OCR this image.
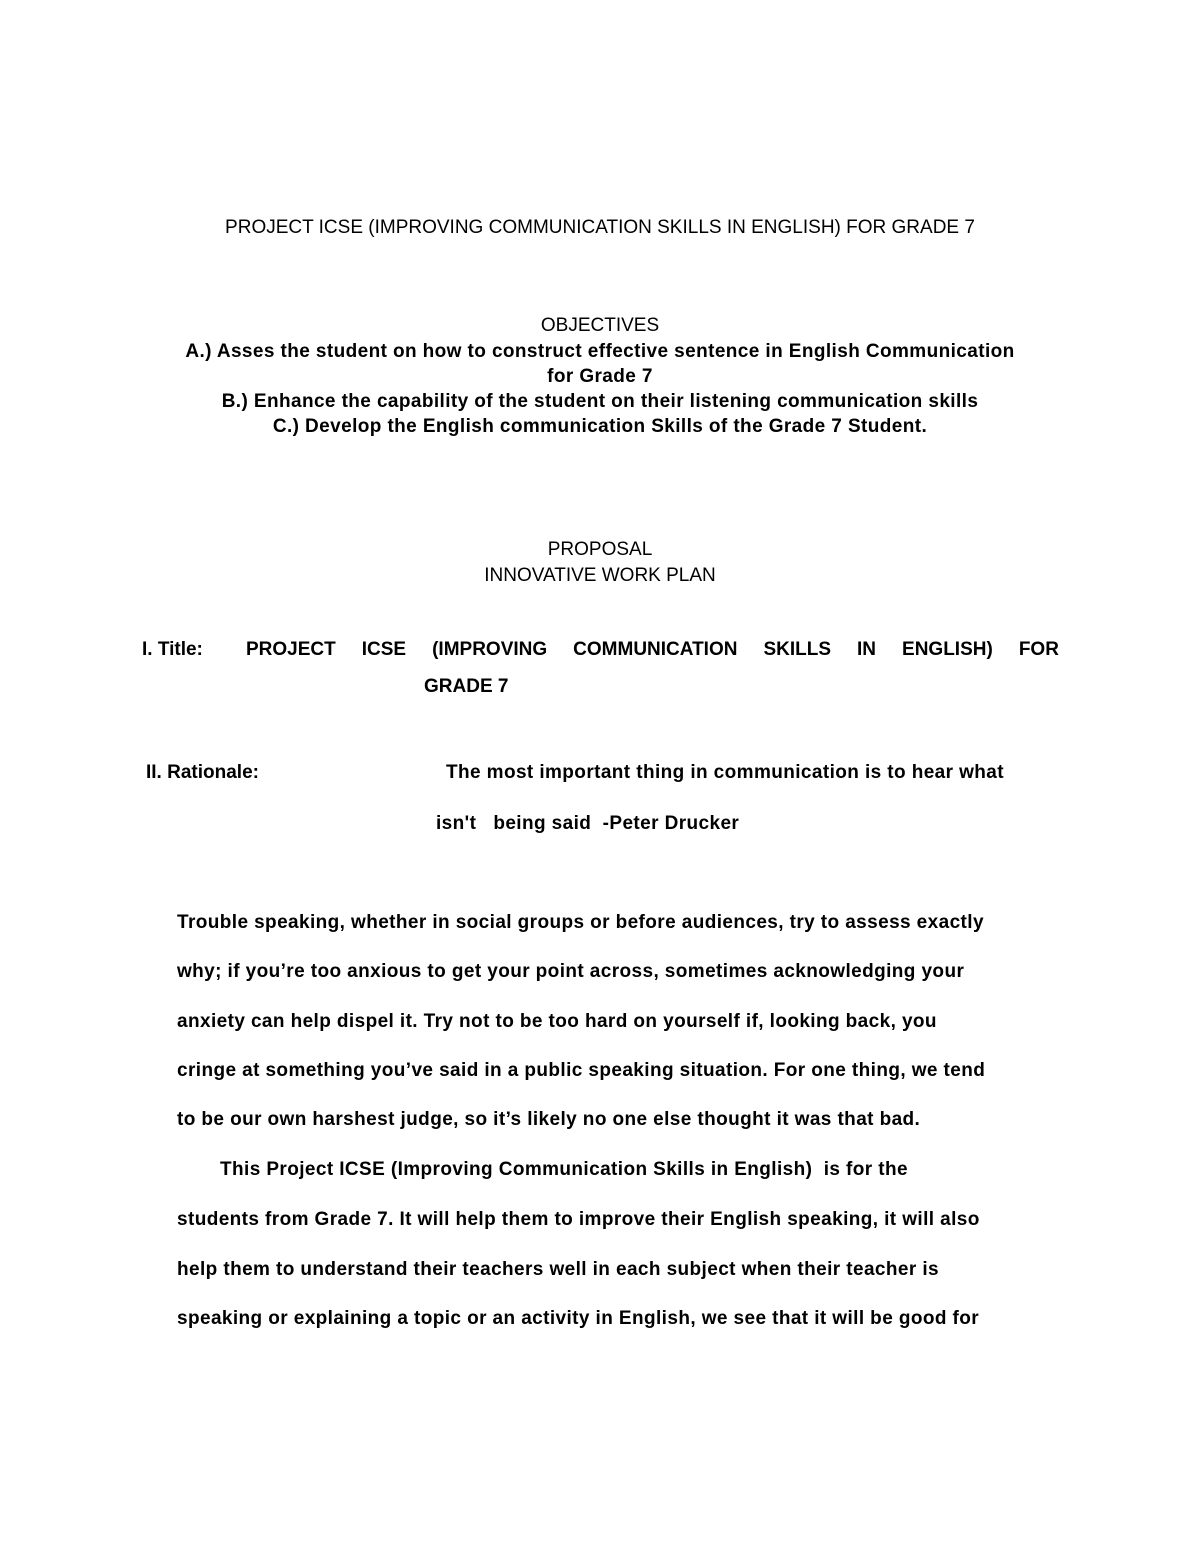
PROJECT ICSE (IMPROVING COMMUNICATION SKILLS IN ENGLISH) FOR GRADE 7
OBJECTIVES
A.) Asses the student on how to construct effective sentence in English Communication
for Grade 7
B.) Enhance the capability of the student on their listening communication skills
C.) Develop the English communication Skills of the Grade 7 Student.
PROPOSAL
INNOVATIVE WORK PLAN
I. Title: PROJECT ICSE (IMPROVING COMMUNICATION SKILLS IN ENGLISH) FOR
GRADE 7
II. Rationale:	The most important thing in communication is to hear what
isn't   being said  -Peter Drucker
Trouble speaking, whether in social groups or before audiences, try to assess exactly
why; if you’re too anxious to get your point across, sometimes acknowledging your
anxiety can help dispel it. Try not to be too hard on yourself if, looking back, you
cringe at something you’ve said in a public speaking situation. For one thing, we tend
to be our own harshest judge, so it’s likely no one else thought it was that bad.
This Project ICSE (Improving Communication Skills in English)  is for the
students from Grade 7. It will help them to improve their English speaking, it will also
help them to understand their teachers well in each subject when their teacher is
speaking or explaining a topic or an activity in English, we see that it will be good for
